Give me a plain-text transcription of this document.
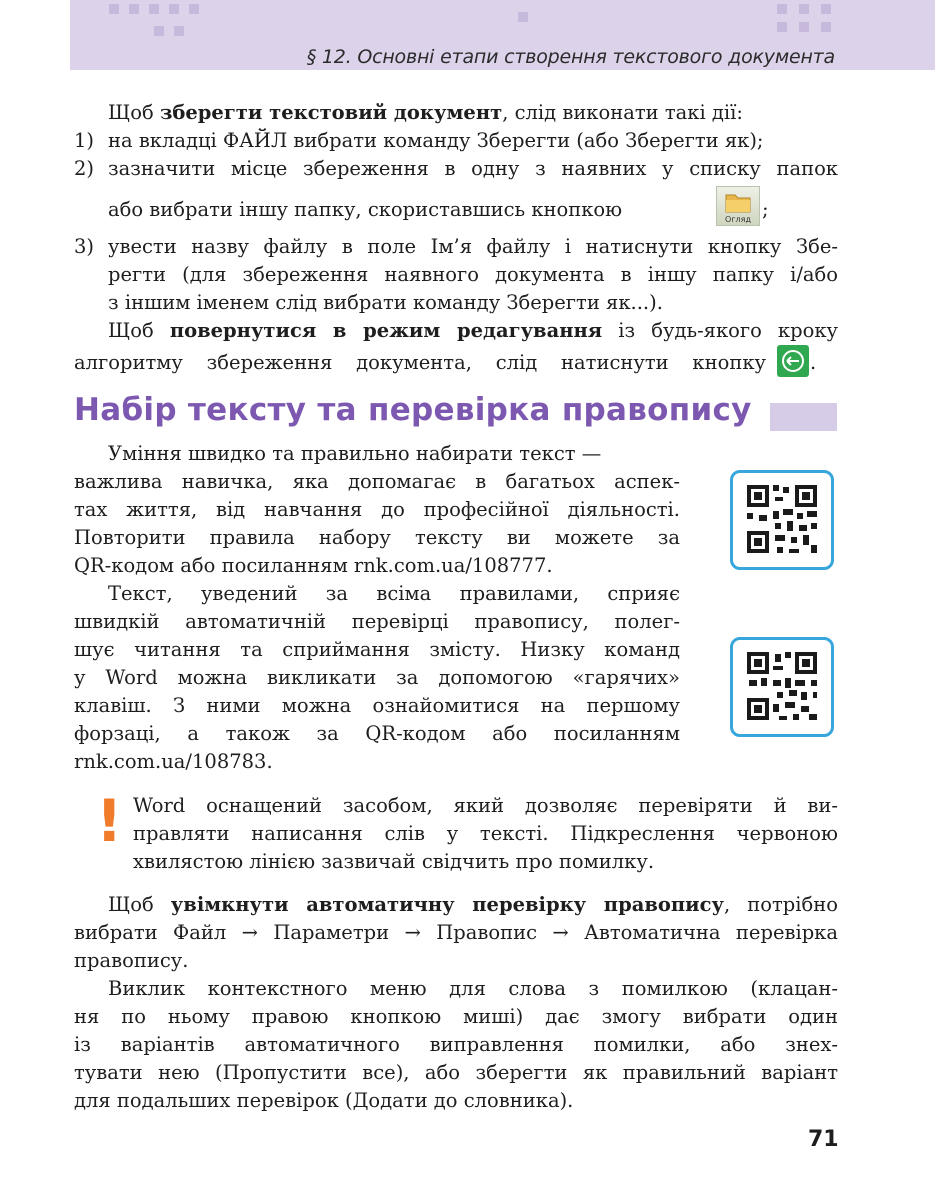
§ 12. Основні етапи створення текстового документа
Щоб зберегти текстовий документ, слід виконати такі дії:
1) на вкладці ФАЙЛ вибрати команду Зберегти (або Зберегти як);
2) зазначити місце збереження в одну з наявних у списку папок
або вибрати іншу папку, скориставшись кнопкою	Огляд ;
3) увести назву файлу в поле Ім’я файлу і натиснути кнопку Збе-
регти (для збереження наявного документа в іншу папку і/або
з іншим іменем слід вибрати команду Зберегти як...).
Щоб повернутися в режим редагування із будь-якого кроку
алгоритму збереження документа, слід натиснути кнопку .
Набір тексту та перевірка правопису
Уміння швидко та правильно набирати текст —
важлива навичка, яка допомагає в багатьох аспек-
тах життя, від навчання до професійної діяльності.
Повторити правила набору тексту ви можете за
QR-кодом або посиланням rnk.com.ua/108777.
Текст, уведений за всіма правилами, сприяє
швидкій автоматичній перевірці правопису, полег-
шує читання та сприймання змісту. Низку команд
у Word можна викликати за допомогою «гарячих»
клавіш. З ними можна ознайомитися на першому
форзаці, а також за QR-кодом або посиланням
rnk.com.ua/108783.
! Word оснащений засобом, який дозволяє перевіряти й ви-
правляти написання слів у тексті. Підкреслення червоною
хвилястою лінією зазвичай свідчить про помилку.
Щоб увімкнути автоматичну перевірку правопису, потрібно
вибрати Файл → Параметри → Правопис → Автоматична перевірка
правопису.
Виклик контекстного меню для слова з помилкою (клацан-
ня по ньому правою кнопкою миші) дає змогу вибрати один
із варіантів автоматичного виправлення помилки, або знех-
тувати нею (Пропустити все), або зберегти як правильний варіант
для подальших перевірок (Додати до словника).
71
